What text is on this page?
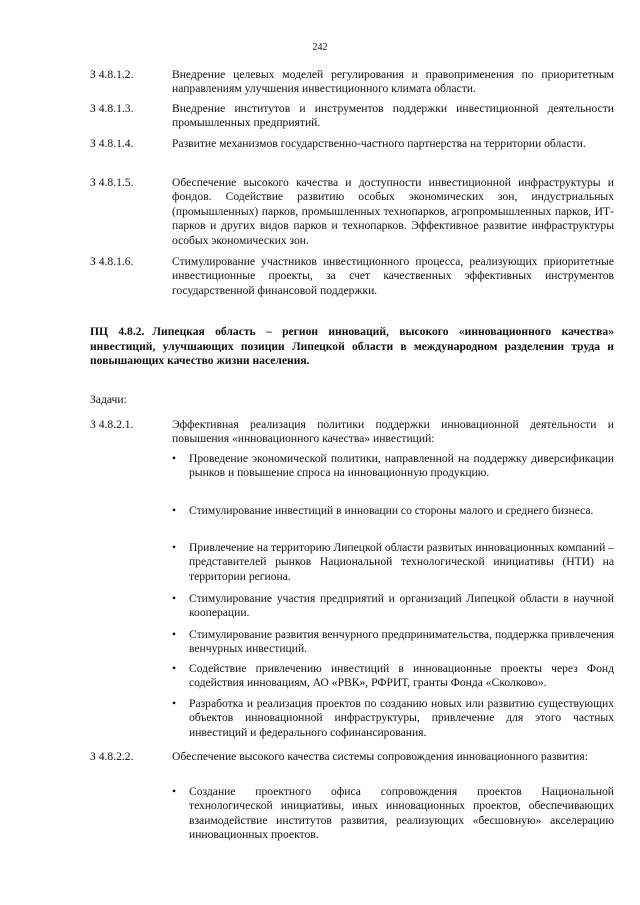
242
З 4.8.1.2.	Внедрение целевых моделей регулирования и правоприменения по приоритетным направлениям улучшения инвестиционного климата области.
З 4.8.1.3.	Внедрение институтов и инструментов поддержки инвестиционной деятельности промышленных предприятий.
З 4.8.1.4.	Развитие механизмов государственно-частного партнерства на территории области.
З 4.8.1.5.	Обеспечение высокого качества и доступности инвестиционной инфраструктуры и фондов. Содействие развитию особых экономических зон, индустриальных (промышленных) парков, промышленных технопарков, агропромышленных парков, ИТ-парков и других видов парков и технопарков. Эффективное развитие инфраструктуры особых экономических зон.
З 4.8.1.6.	Стимулирование участников инвестиционного процесса, реализующих приоритетные инвестиционные проекты, за счет качественных эффективных инструментов государственной финансовой поддержки.
ПЦ 4.8.2. Липецкая область – регион инноваций, высокого «инновационного качества» инвестиций, улучшающих позиции Липецкой области в международном разделении труда и повышающих качество жизни населения.
Задачи:
З 4.8.2.1.	Эффективная реализация политики поддержки инновационной деятельности и повышения «инновационного качества» инвестиций:
• Проведение экономической политики, направленной на поддержку диверсификации рынков и повышение спроса на инновационную продукцию.
• Стимулирование инвестиций в инновации со стороны малого и среднего бизнеса.
• Привлечение на территорию Липецкой области развитых инновационных компаний – представителей рынков Национальной технологической инициативы (НТИ) на территории региона.
• Стимулирование участия предприятий и организаций Липецкой области в научной кооперации.
• Стимулирование развития венчурного предпринимательства, поддержка привлечения венчурных инвестиций.
• Содействие привлечению инвестиций в инновационные проекты через Фонд содействия инновациям, АО «РВК», РФРИТ, гранты Фонда «Сколково».
• Разработка и реализация проектов по созданию новых или развитию существующих объектов инновационной инфраструктуры, привлечение для этого частных инвестиций и федерального софинансирования.
З 4.8.2.2.	Обеспечение высокого качества системы сопровождения инновационного развития:
• Создание проектного офиса сопровождения проектов Национальной технологической инициативы, иных инновационных проектов, обеспечивающих взаимодействие институтов развития, реализующих «бесшовную» акселерацию инновационных проектов.
